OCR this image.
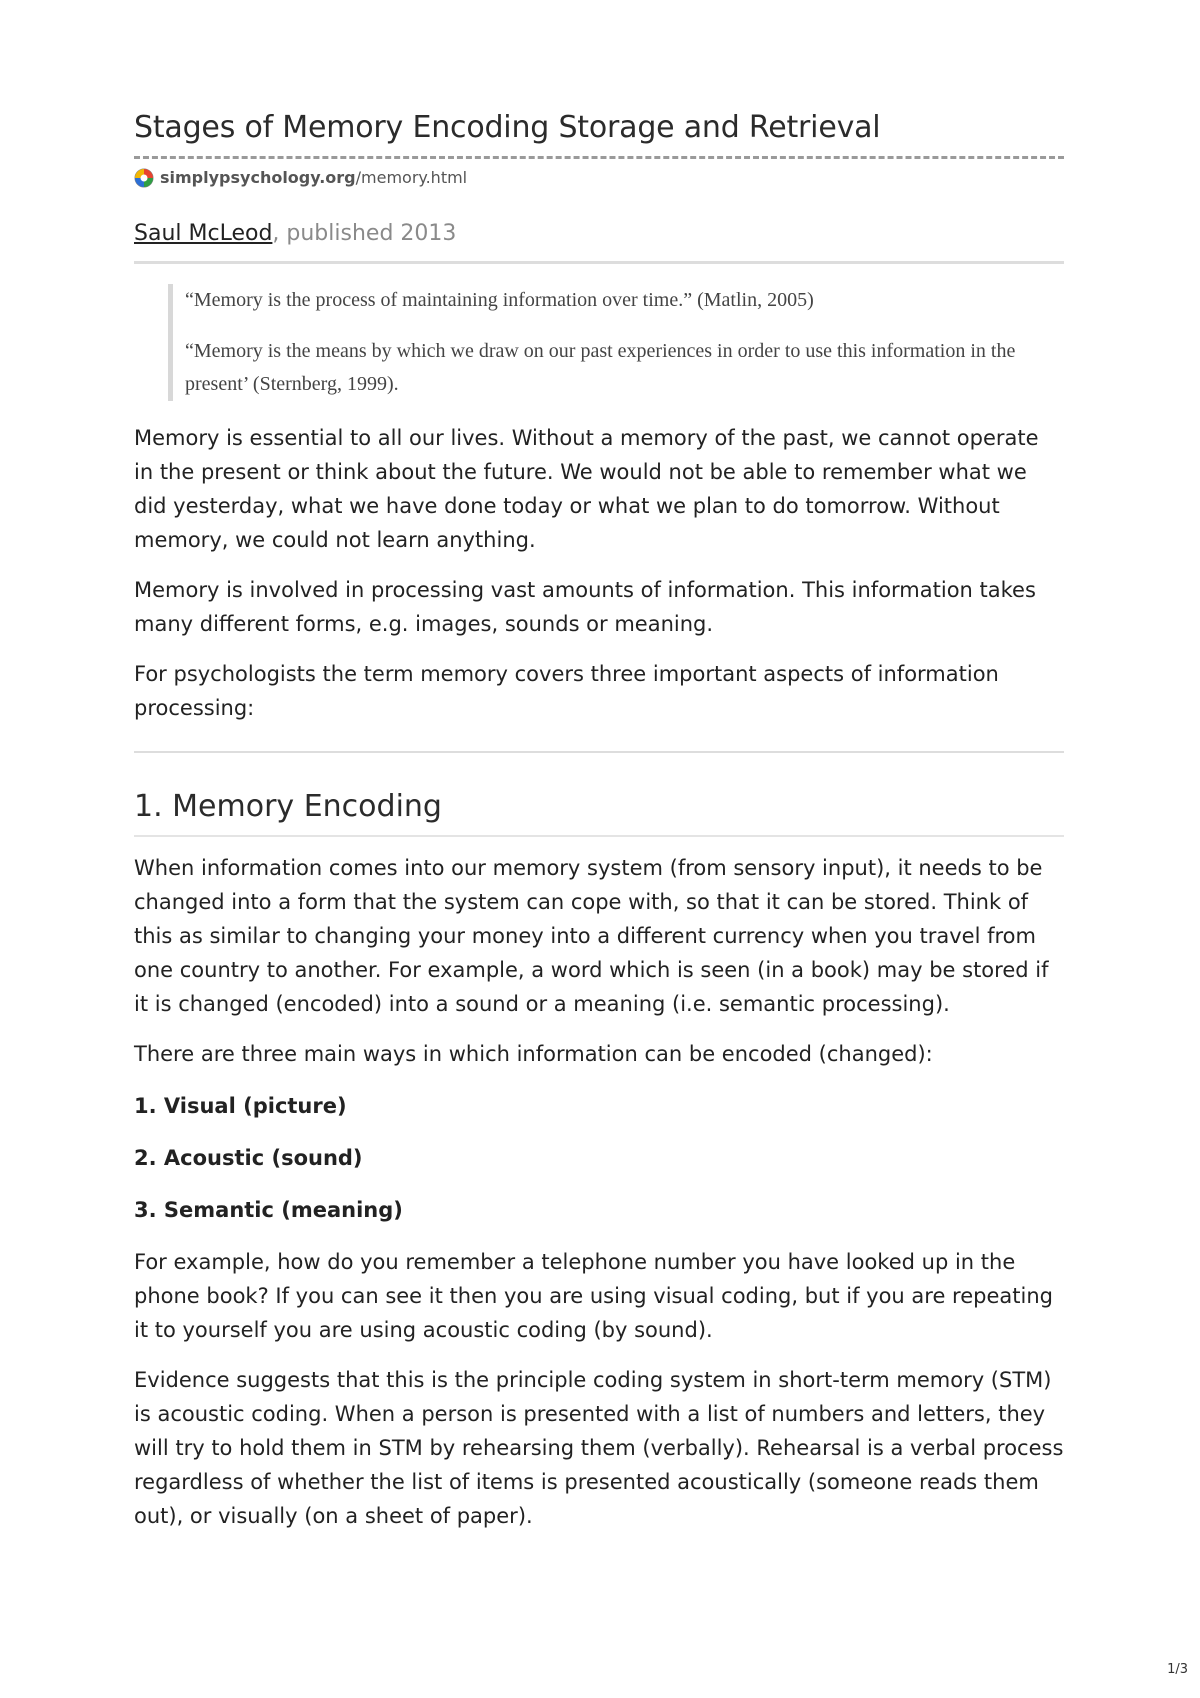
Stages of Memory Encoding Storage and Retrieval
simplypsychology.org /memory.html
Saul McLeod, published 2013

“Memory is the process of maintaining information over time.” (Matlin, 2005)

“Memory is the means by which we draw on our past experiences in order to use this information in the present’ (Sternberg, 1999).

Memory is essential to all our lives. Without a memory of the past, we cannot operate in the present or think about the future. We would not be able to remember what we did yesterday, what we have done today or what we plan to do tomorrow. Without memory, we could not learn anything.

Memory is involved in processing vast amounts of information. This information takes many different forms, e.g. images, sounds or meaning.

For psychologists the term memory covers three important aspects of information processing:

1. Memory Encoding

When information comes into our memory system (from sensory input), it needs to be changed into a form that the system can cope with, so that it can be stored. Think of this as similar to changing your money into a different currency when you travel from one country to another. For example, a word which is seen (in a book) may be stored if it is changed (encoded) into a sound or a meaning (i.e. semantic processing).

There are three main ways in which information can be encoded (changed):

1. Visual (picture)

2. Acoustic (sound)

3. Semantic (meaning)

For example, how do you remember a telephone number you have looked up in the phone book? If you can see it then you are using visual coding, but if you are repeating it to yourself you are using acoustic coding (by sound).

Evidence suggests that this is the principle coding system in short-term memory (STM) is acoustic coding. When a person is presented with a list of numbers and letters, they will try to hold them in STM by rehearsing them (verbally). Rehearsal is a verbal process regardless of whether the list of items is presented acoustically (someone reads them out), or visually (on a sheet of paper).

1/3
